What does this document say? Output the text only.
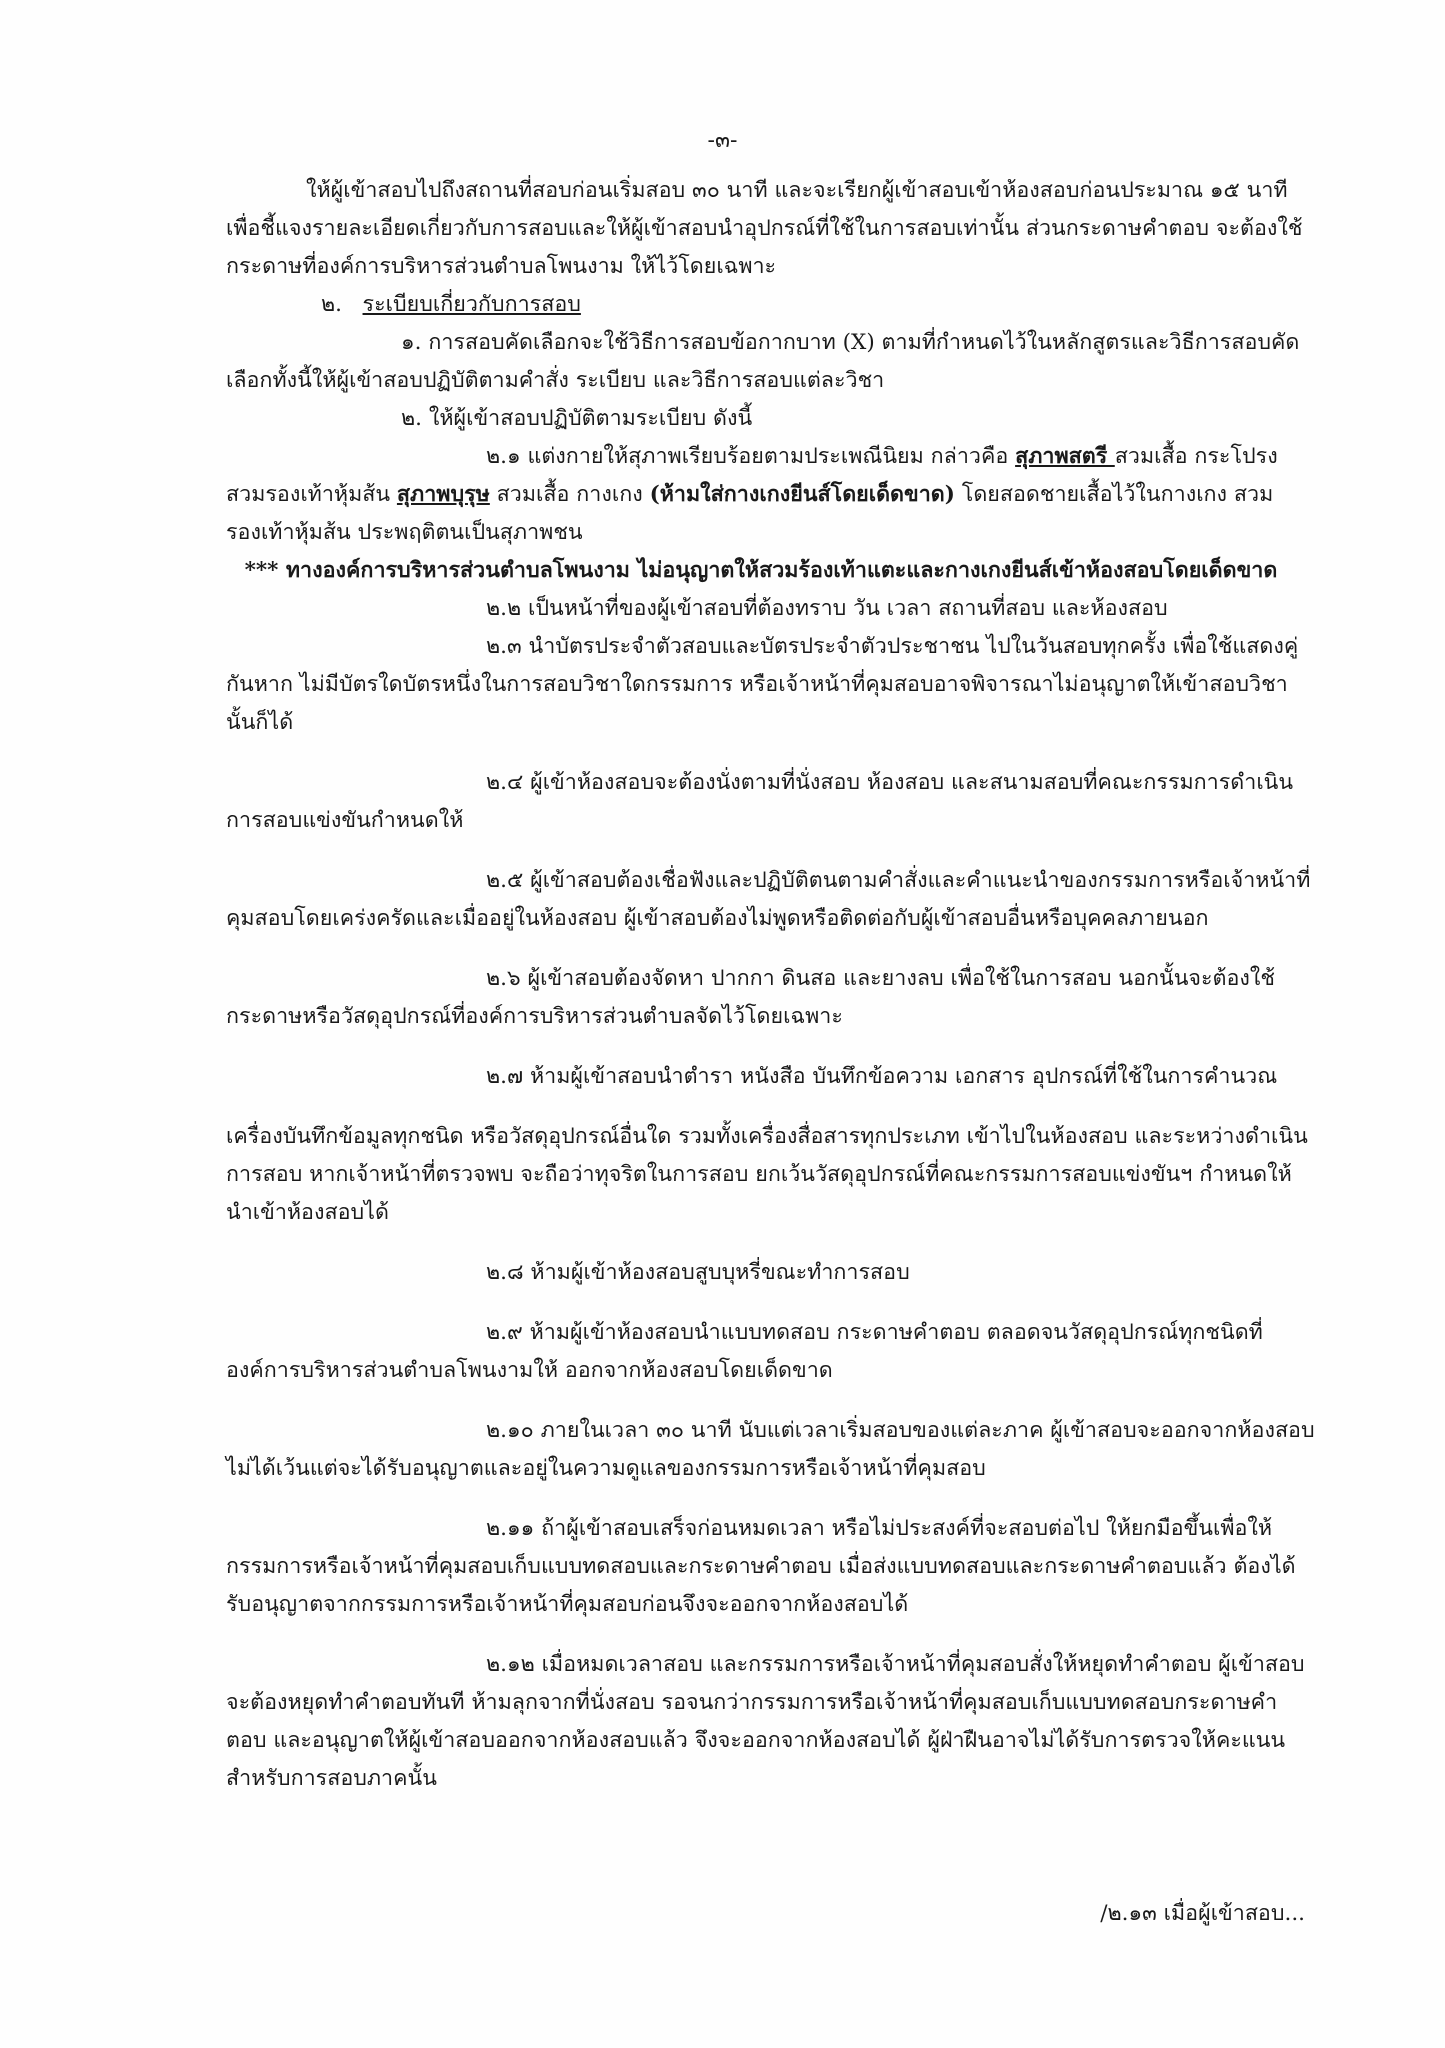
-๓-

ให้ผู้เข้าสอบไปถึงสถานที่สอบก่อนเริ่มสอบ ๓๐ นาที และจะเรียกผู้เข้าสอบเข้าห้องสอบก่อนประมาณ ๑๕ นาที เพื่อชี้แจงรายละเอียดเกี่ยวกับการสอบและให้ผู้เข้าสอบนำอุปกรณ์ที่ใช้ในการสอบเท่านั้น ส่วนกระดาษคำตอบ จะต้องใช้กระดาษที่องค์การบริหารส่วนตำบลโพนงาม ให้ไว้โดยเฉพาะ

๒. ระเบียบเกี่ยวกับการสอบ

๑. การสอบคัดเลือกจะใช้วิธีการสอบข้อกากบาท (X) ตามที่กำหนดไว้ในหลักสูตรและวิธีการสอบคัดเลือกทั้งนี้ให้ผู้เข้าสอบปฏิบัติตามคำสั่ง ระเบียบ และวิธีการสอบแต่ละวิชา

๒. ให้ผู้เข้าสอบปฏิบัติตามระเบียบ ดังนี้

๒.๑ แต่งกายให้สุภาพเรียบร้อยตามประเพณีนิยม กล่าวคือ สุภาพสตรี สวมเสื้อ กระโปรง สวมรองเท้าหุ้มส้น สุภาพบุรุษ สวมเสื้อ กางเกง (ห้ามใส่กางเกงยีนส์โดยเด็ดขาด) โดยสอดชายเสื้อไว้ในกางเกง สวมรองเท้าหุ้มส้น ประพฤติตนเป็นสุภาพชน

*** ทางองค์การบริหารส่วนตำบลโพนงาม ไม่อนุญาตให้สวมร้องเท้าแตะและกางเกงยีนส์เข้าห้องสอบโดยเด็ดขาด

๒.๒ เป็นหน้าที่ของผู้เข้าสอบที่ต้องทราบ วัน เวลา สถานที่สอบ และห้องสอบ

๒.๓ นำบัตรประจำตัวสอบและบัตรประจำตัวประชาชน ไปในวันสอบทุกครั้ง เพื่อใช้แสดงคู่กันหาก ไม่มีบัตรใดบัตรหนึ่งในการสอบวิชาใดกรรมการ หรือเจ้าหน้าที่คุมสอบอาจพิจารณาไม่อนุญาตให้เข้าสอบวิชานั้นก็ได้

๒.๔ ผู้เข้าห้องสอบจะต้องนั่งตามที่นั่งสอบ ห้องสอบ และสนามสอบที่คณะกรรมการดำเนินการสอบแข่งขันกำหนดให้

๒.๕ ผู้เข้าสอบต้องเชื่อฟังและปฏิบัติตนตามคำสั่งและคำแนะนำของกรรมการหรือเจ้าหน้าที่คุมสอบโดยเคร่งครัดและเมื่ออยู่ในห้องสอบ ผู้เข้าสอบต้องไม่พูดหรือติดต่อกับผู้เข้าสอบอื่นหรือบุคคลภายนอก

๒.๖ ผู้เข้าสอบต้องจัดหา ปากกา ดินสอ และยางลบ เพื่อใช้ในการสอบ นอกนั้นจะต้องใช้กระดาษหรือวัสดุอุปกรณ์ที่องค์การบริหารส่วนตำบลจัดไว้โดยเฉพาะ

๒.๗ ห้ามผู้เข้าสอบนำตำรา หนังสือ บันทึกข้อความ เอกสาร อุปกรณ์ที่ใช้ในการคำนวณ

เครื่องบันทึกข้อมูลทุกชนิด หรือวัสดุอุปกรณ์อื่นใด รวมทั้งเครื่องสื่อสารทุกประเภท เข้าไปในห้องสอบ และระหว่างดำเนินการสอบ หากเจ้าหน้าที่ตรวจพบ จะถือว่าทุจริตในการสอบ ยกเว้นวัสดุอุปกรณ์ที่คณะกรรมการสอบแข่งขันฯ กำหนดให้นำเข้าห้องสอบได้

๒.๘ ห้ามผู้เข้าห้องสอบสูบบุหรี่ขณะทำการสอบ

๒.๙ ห้ามผู้เข้าห้องสอบนำแบบทดสอบ กระดาษคำตอบ ตลอดจนวัสดุอุปกรณ์ทุกชนิดที่องค์การบริหารส่วนตำบลโพนงามให้ ออกจากห้องสอบโดยเด็ดขาด

๒.๑๐ ภายในเวลา ๓๐ นาที นับแต่เวลาเริ่มสอบของแต่ละภาค ผู้เข้าสอบจะออกจากห้องสอบไม่ได้เว้นแต่จะได้รับอนุญาตและอยู่ในความดูแลของกรรมการหรือเจ้าหน้าที่คุมสอบ

๒.๑๑ ถ้าผู้เข้าสอบเสร็จก่อนหมดเวลา หรือไม่ประสงค์ที่จะสอบต่อไป ให้ยกมือขึ้นเพื่อให้กรรมการหรือเจ้าหน้าที่คุมสอบเก็บแบบทดสอบและกระดาษคำตอบ เมื่อส่งแบบทดสอบและกระดาษคำตอบแล้ว ต้องได้รับอนุญาตจากกรรมการหรือเจ้าหน้าที่คุมสอบก่อนจึงจะออกจากห้องสอบได้

๒.๑๒ เมื่อหมดเวลาสอบ และกรรมการหรือเจ้าหน้าที่คุมสอบสั่งให้หยุดทำคำตอบ ผู้เข้าสอบจะต้องหยุดทำคำตอบทันที ห้ามลุกจากที่นั่งสอบ รอจนกว่ากรรมการหรือเจ้าหน้าที่คุมสอบเก็บแบบทดสอบกระดาษคำตอบ และอนุญาตให้ผู้เข้าสอบออกจากห้องสอบแล้ว จึงจะออกจากห้องสอบได้ ผู้ฝ่าฝืนอาจไม่ได้รับการตรวจให้คะแนนสำหรับการสอบภาคนั้น

/๒.๑๓ เมื่อผู้เข้าสอบ...
